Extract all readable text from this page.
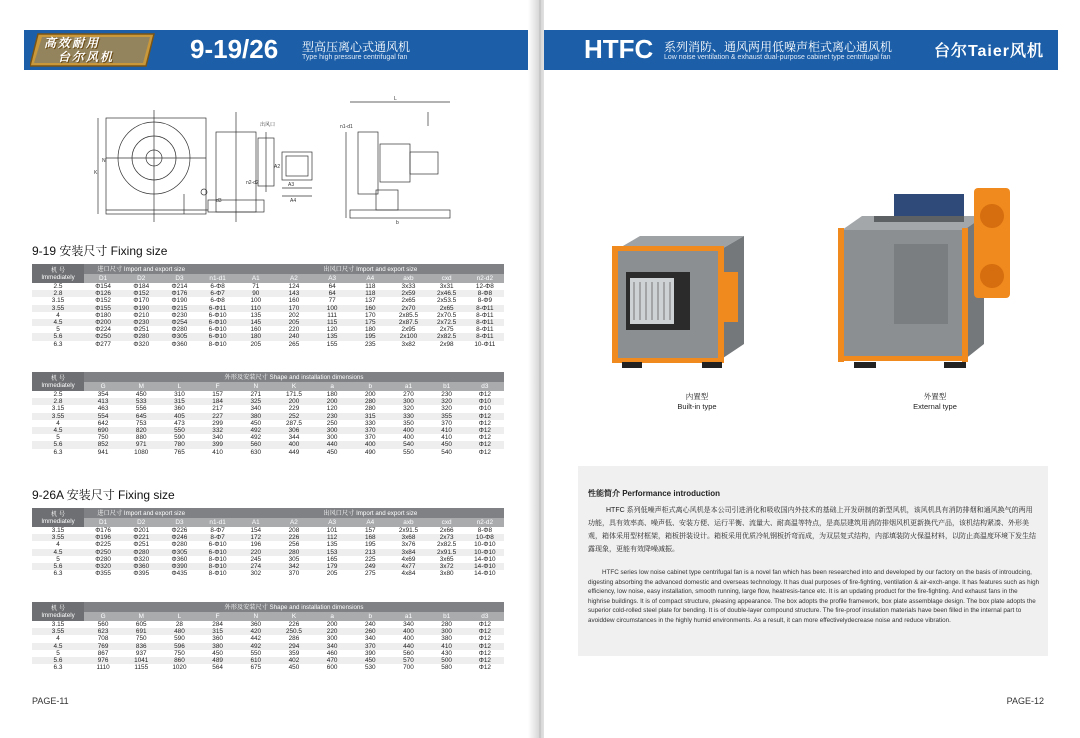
高效耐用
台尔风机	9-19/26 型高压离心式通风机
Type high pressure centrifugal fan
N
K
d3
出风口	n1-d1
A2
A3
n2-d2
A4
L
b
9-19 安装尺寸 Fixing size
机 号
Immediately	进口尺寸 Import and export size				出风口尺寸 Import and export size						
	D1	D2	D3	n1-d1	A1	A2	A3	A4	axb	cxd	n2-d2
2.5	Φ154	Φ184	Φ214	6-Φ8	71	124	64	118	3x33	3x31	12-Φ8
2.8	Φ126	Φ152	Φ176	6-Φ7	90	143	64	118	2x59	2x46.5	8-Φ8
3.15	Φ152	Φ170	Φ190	6-Φ8	100	160	77	137	2x65	2x53.5	8-Φ9
3.55	Φ155	Φ190	Φ215	6-Φ11	110	170	100	160	2x70	2x65	8-Φ11
4	Φ180	Φ210	Φ230	6-Φ10	135	202	111	170	2x85.5	2x70.5	8-Φ11
4.5	Φ200	Φ230	Φ254	6-Φ10	145	205	115	175	2x87.5	2x72.5	8-Φ11
5	Φ224	Φ251	Φ280	6-Φ10	160	220	120	180	2x95	2x75	8-Φ11
5.6	Φ250	Φ280	Φ305	6-Φ10	180	240	135	195	2x100	2x82.5	8-Φ11
6.3	Φ277	Φ320	Φ360	8-Φ10	205	265	155	235	3x82	2x98	10-Φ11
机 号
Immediately	外形及安装尺寸 Shape and installation dimensions										
	G	M	L	F	N	K	a	b	a1	b1	d3
2.5	354	450	310	157	271	171.5	180	200	270	230	Φ12
2.8	413	533	315	184	325	200	200	280	300	320	Φ10
3.15	463	556	360	217	340	229	120	280	320	320	Φ10
3.55	554	645	405	227	380	252	230	315	330	355	Φ12
4	642	753	473	299	450	287.5	250	330	350	370	Φ12
4.5	690	820	550	332	492	306	300	370	400	410	Φ12
5	750	880	590	340	492	344	300	370	400	410	Φ12
5.6	852	971	780	399	560	400	440	400	540	450	Φ12
6.3	941	1080	765	410	630	449	450	490	550	540	Φ12
9-26A 安装尺寸 Fixing size
机 号
Immediately	进口尺寸 Import and export size				出风口尺寸 Import and export size						
	D1	D2	D3	n1-d1	A1	A2	A3	A4	axb	cxd	n2-d2
3.15	Φ176	Φ201	Φ226	8-Φ7	154	208	101	157	2x91.5	2x66	8-Φ8
3.55	Φ196	Φ221	Φ246	8-Φ7	172	226	112	168	3x68	2x73	10-Φ8
4	Φ225	Φ251	Φ280	6-Φ10	196	256	135	195	3x76	2x82.5	10-Φ10
4.5	Φ250	Φ280	Φ305	6-Φ10	220	280	153	213	3x84	2x91.5	10-Φ10
5	Φ280	Φ320	Φ360	8-Φ10	245	305	165	225	4x69	3x65	14-Φ10
5.6	Φ320	Φ360	Φ390	8-Φ10	274	342	179	249	4x77	3x72	14-Φ10
6.3	Φ355	Φ395	Φ435	8-Φ10	302	370	205	275	4x84	3x80	14-Φ10
机 号
Immediately	外形及安装尺寸 Shape and installation dimensions										
	G	M	L	F	N	K	a	b	a1	b1	d3
3.15	560	605	28	284	360	226	200	240	340	280	Φ12
3.55	623	691	480	315	420	250.5	220	260	400	300	Φ12
4	708	750	590	360	442	286	300	340	400	380	Φ12
4.5	769	836	596	380	492	294	340	370	440	410	Φ12
5	867	937	750	450	550	359	460	390	560	430	Φ12
5.6	976	1041	860	489	610	402	470	450	570	500	Φ12
6.3	1110	1155	1020	564	675	450	600	530	700	580	Φ12
PAGE-11
HTFC 系列消防、通风两用低噪声柜式离心通风机
Low noise ventilation & exhaust dual-purpose cabinet type centrifugal fan	台尔Taier风机
内置型
Built-in type
外置型
External type
性能简介 Performance introduction
HTFC 系列低噪声柜式离心风机是本公司引进消化和吸收国内外技术的基础上开发研制的新型风机，该风机具有消防排烟和通风换气的两用功能，具有效率高、噪声低、安装方便、运行平衡、流量大、耐高温等特点，是高层建筑用消防排烟风机更新换代产品，该机结构紧凑、外形美观，箱体采用型材框架，箱板拼装设计。箱板采用优质冷轧钢板折弯而成，为双层复式结构，内部填装防火保温材料，以防止高温度环境下发生结露现象，更能有效降噪减振。
HTFC series low noise cabinet type centrifugal fan is a novel fan which has been researched into and developed by our factory on the basis of introudcing, digesting absorbing the advanced domestic and overseas technology. It has dual purposes of fire-fighting, ventilation & air-exch-ange. It has features such as high efficiency, low noise, easy installation, smooth running, large flow, heatresis-tance etc. It is an updating product for the fire-fighting. And exhaust fans in the highrise buildings. It is of compact structure, pleasing appearance. The box adopts the profile framework, box plate assemblage design. The box plate adopts the superior cold-rolled steel plate for bending. It is of double-layer compound structure. The fire-proof insulation materials have been filled in the internal part to avoiddew circumstances in the highly humid environments. As a result, it can more effectivelydecrease noise and reduce vibration.
PAGE-12
